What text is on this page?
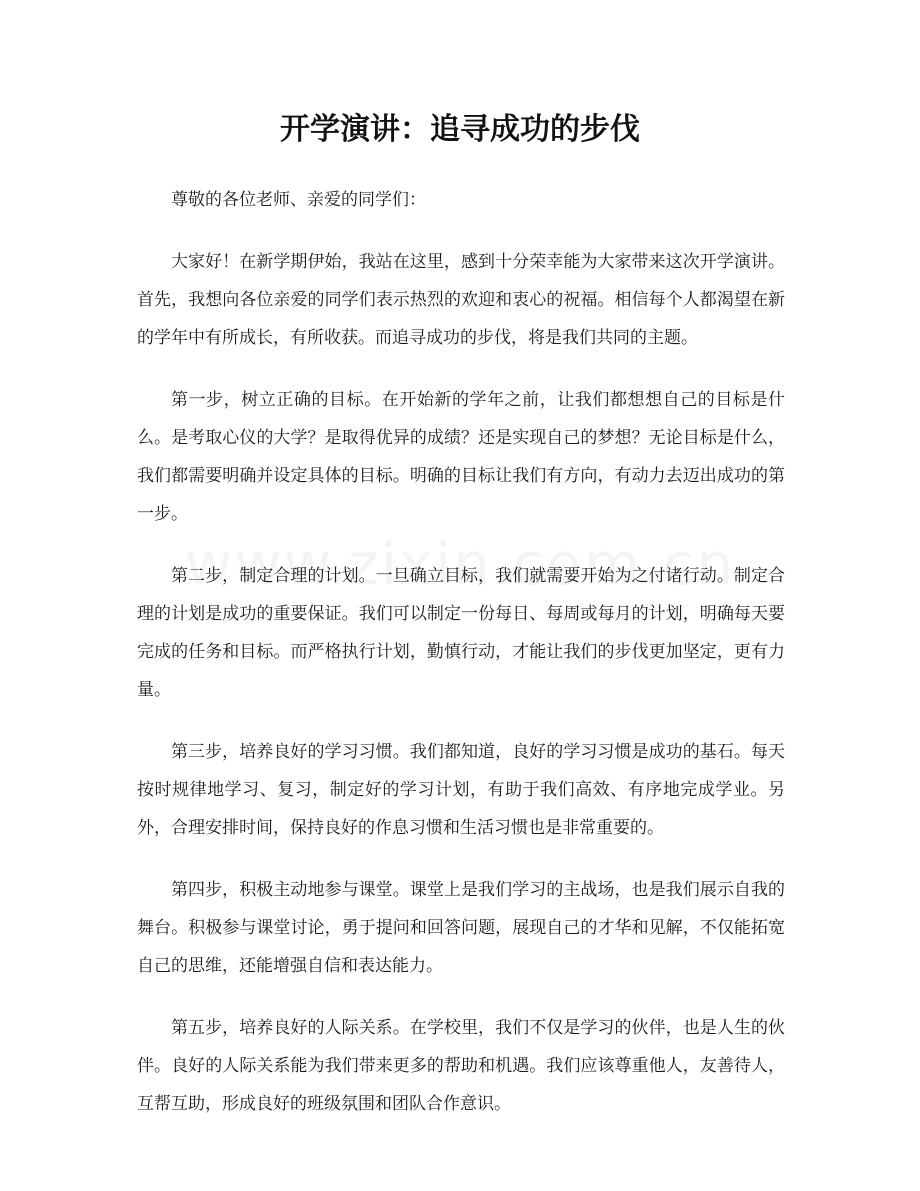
开学演讲：追寻成功的步伐

尊敬的各位老师、亲爱的同学们：

大家好！在新学期伊始，我站在这里，感到十分荣幸能为大家带来这次开学演讲。首先，我想向各位亲爱的同学们表示热烈的欢迎和衷心的祝福。相信每个人都渴望在新的学年中有所成长，有所收获。而追寻成功的步伐，将是我们共同的主题。

第一步，树立正确的目标。在开始新的学年之前，让我们都想想自己的目标是什么。是考取心仪的大学？是取得优异的成绩？还是实现自己的梦想？无论目标是什么，我们都需要明确并设定具体的目标。明确的目标让我们有方向，有动力去迈出成功的第一步。

第二步，制定合理的计划。一旦确立目标，我们就需要开始为之付诸行动。制定合理的计划是成功的重要保证。我们可以制定一份每日、每周或每月的计划，明确每天要完成的任务和目标。而严格执行计划，勤慎行动，才能让我们的步伐更加坚定，更有力量。

第三步，培养良好的学习习惯。我们都知道，良好的学习习惯是成功的基石。每天按时规律地学习、复习，制定好的学习计划，有助于我们高效、有序地完成学业。另外，合理安排时间，保持良好的作息习惯和生活习惯也是非常重要的。

第四步，积极主动地参与课堂。课堂上是我们学习的主战场，也是我们展示自我的舞台。积极参与课堂讨论，勇于提问和回答问题，展现自己的才华和见解，不仅能拓宽自己的思维，还能增强自信和表达能力。

第五步，培养良好的人际关系。在学校里，我们不仅是学习的伙伴，也是人生的伙伴。良好的人际关系能为我们带来更多的帮助和机遇。我们应该尊重他人，友善待人，互帮互助，形成良好的班级氛围和团队合作意识。
